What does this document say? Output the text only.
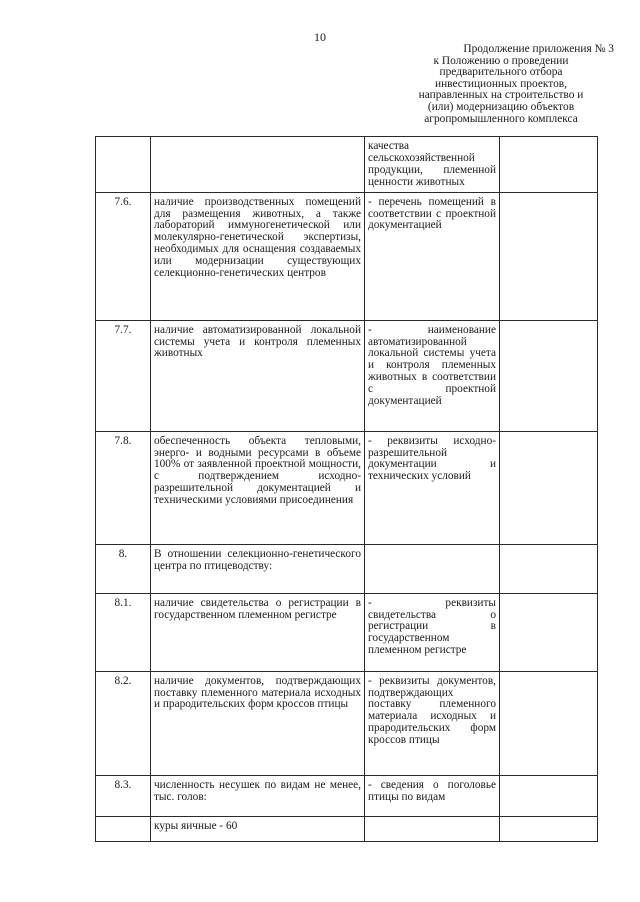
10
Продолжение приложения № 3
к Положению о проведении
предварительного отбора
инвестиционных проектов,
направленных на строительство и
(или) модернизацию объектов
агропромышленного комплекса
		качества сельскохозяйственной продукции, племенной ценности животных	
7.6.	наличие производственных помещений для размещения животных, а также лабораторий иммуногенетической или молекулярно-генетической экспертизы, необходимых для оснащения создаваемых или модернизации существующих селекционно-генетических центров	- перечень помещений в соответствии с проектной документацией	
7.7.	наличие автоматизированной локальной системы учета и контроля племенных животных	- наименование автоматизированной локальной системы учета и контроля племенных животных в соответствии с проектной документацией	
7.8.	обеспеченность объекта тепловыми, энерго- и водными ресурсами в объеме 100% от заявленной проектной мощности, с подтверждением исходно-разрешительной документацией и техническими условиями присоединения	- реквизиты исходно-разрешительной документации и технических условий	
8.	В отношении селекционно-генетического центра по птицеводству:		
8.1.	наличие свидетельства о регистрации в государственном племенном регистре	- реквизиты свидетельства о регистрации в государственном племенном регистре	
8.2.	наличие документов, подтверждающих поставку племенного материала исходных и прародительских форм кроссов птицы	- реквизиты документов, подтверждающих поставку племенного материала исходных и прародительских форм кроссов птицы	
8.3.	численность несушек по видам не менее, тыс. голов:	- сведения о поголовье птицы по видам	
	куры яичные - 60		
